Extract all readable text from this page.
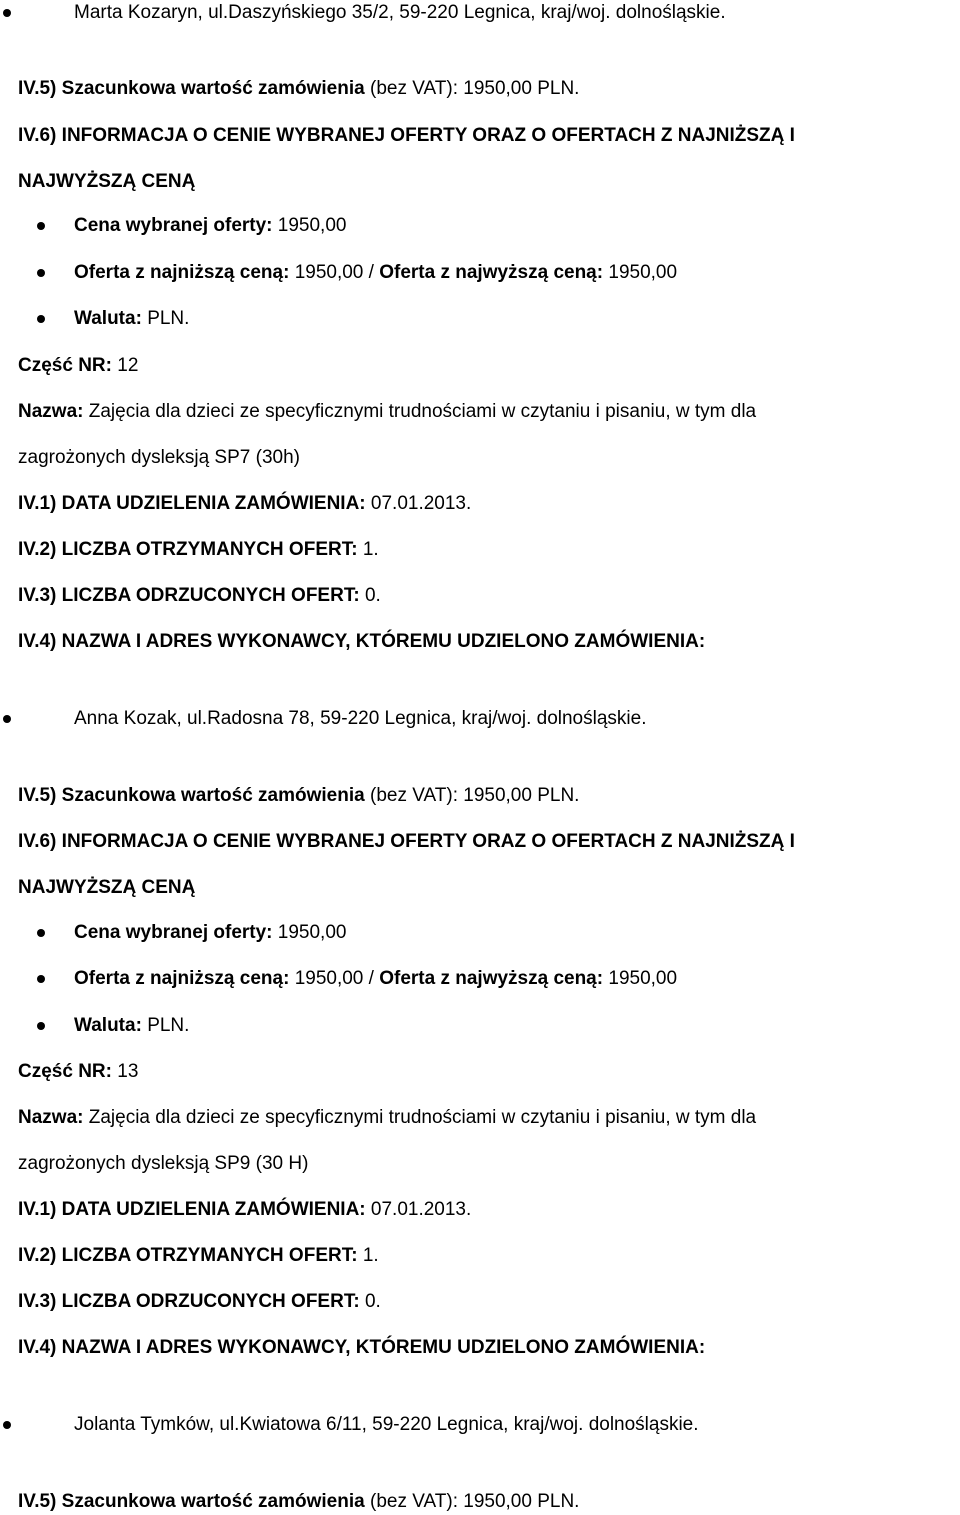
Marta Kozaryn, ul.Daszyńskiego 35/2, 59-220 Legnica, kraj/woj. dolnośląskie.
IV.5) Szacunkowa wartość zamówienia (bez VAT): 1950,00 PLN.
IV.6) INFORMACJA O CENIE WYBRANEJ OFERTY ORAZ O OFERTACH Z NAJNIŻSZĄ I
NAJWYŻSZĄ CENĄ
Cena wybranej oferty: 1950,00
Oferta z najniższą ceną: 1950,00 / Oferta z najwyższą ceną: 1950,00
Waluta: PLN.
Część NR: 12
Nazwa: Zajęcia dla dzieci ze specyficznymi trudnościami w czytaniu i pisaniu, w tym dla
zagrożonych dysleksją SP7 (30h)
IV.1) DATA UDZIELENIA ZAMÓWIENIA: 07.01.2013.
IV.2) LICZBA OTRZYMANYCH OFERT: 1.
IV.3) LICZBA ODRZUCONYCH OFERT: 0.
IV.4) NAZWA I ADRES WYKONAWCY, KTÓREMU UDZIELONO ZAMÓWIENIA:
Anna Kozak, ul.Radosna 78, 59-220 Legnica, kraj/woj. dolnośląskie.
IV.5) Szacunkowa wartość zamówienia (bez VAT): 1950,00 PLN.
IV.6) INFORMACJA O CENIE WYBRANEJ OFERTY ORAZ O OFERTACH Z NAJNIŻSZĄ I
NAJWYŻSZĄ CENĄ
Cena wybranej oferty: 1950,00
Oferta z najniższą ceną: 1950,00 / Oferta z najwyższą ceną: 1950,00
Waluta: PLN.
Część NR: 13
Nazwa: Zajęcia dla dzieci ze specyficznymi trudnościami w czytaniu i pisaniu, w tym dla
zagrożonych dysleksją SP9 (30 H)
IV.1) DATA UDZIELENIA ZAMÓWIENIA: 07.01.2013.
IV.2) LICZBA OTRZYMANYCH OFERT: 1.
IV.3) LICZBA ODRZUCONYCH OFERT: 0.
IV.4) NAZWA I ADRES WYKONAWCY, KTÓREMU UDZIELONO ZAMÓWIENIA:
Jolanta Tymków, ul.Kwiatowa 6/11, 59-220 Legnica, kraj/woj. dolnośląskie.
IV.5) Szacunkowa wartość zamówienia (bez VAT): 1950,00 PLN.
